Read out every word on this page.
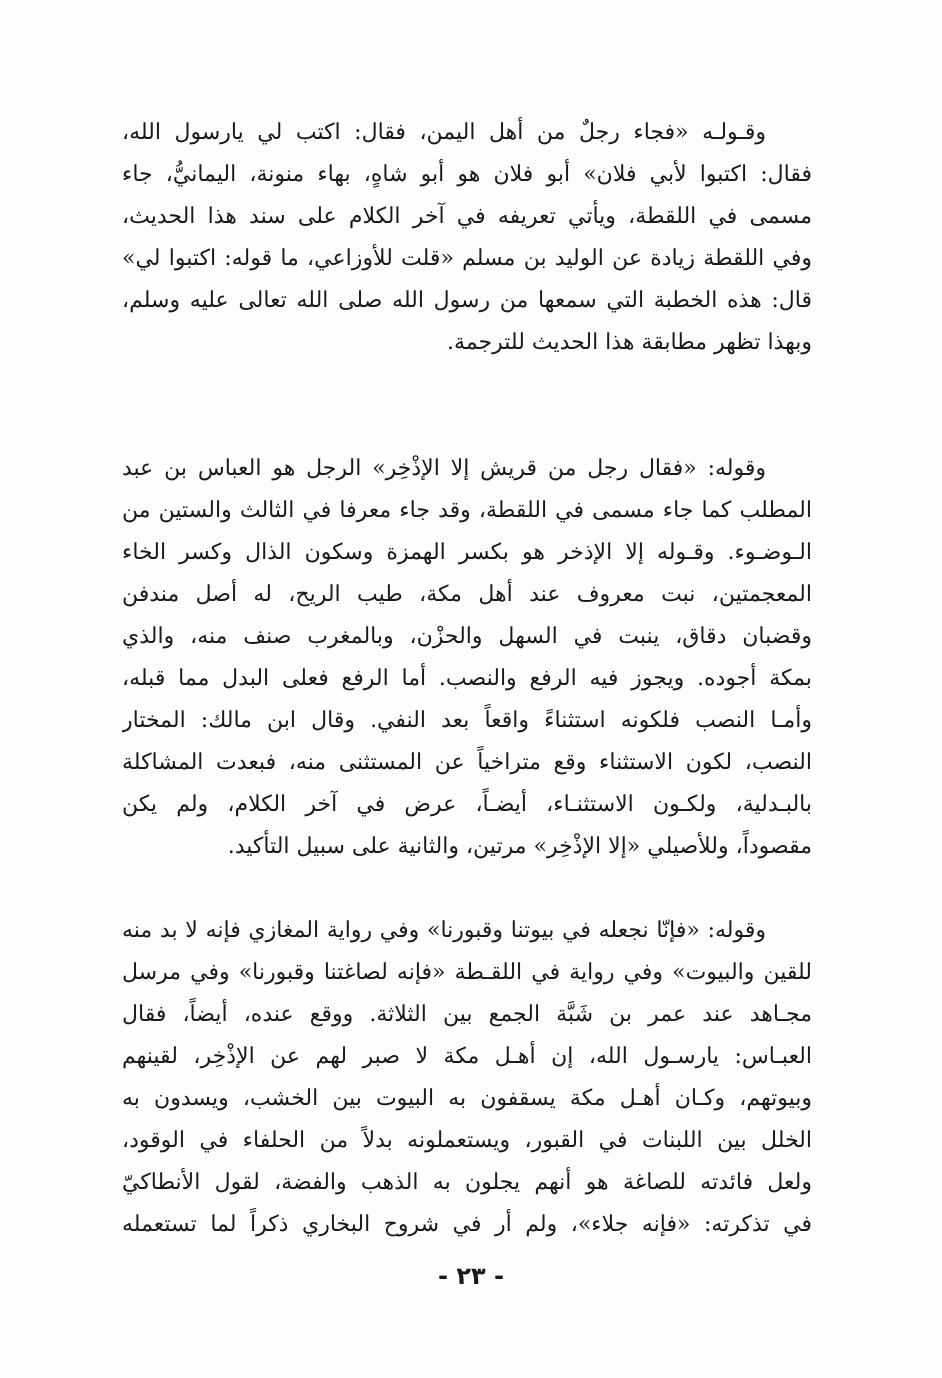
وقـولـه «فجاء رجلٌ من أهل اليمن، فقال: اكتب لي يارسول الله،
فقال: اكتبوا لأبي فلان» أبو فلان هو أبو شاهٍ، بهاء منونة، اليمانيُّ، جاء
مسمى في اللقطة، ويأتي تعريفه في آخر الكلام على سند هذا الحديث،
وفي اللقطة زيادة عن الوليد بن مسلم «قلت للأوزاعي، ما قوله: اكتبوا لي»
قال: هذه الخطبة التي سمعها من رسول الله صلى الله تعالى عليه وسلم،
وبهذا تظهر مطابقة هذا الحديث للترجمة.
وقوله: «فقال رجل من قريش إلا الإذْخِر» الرجل هو العباس بن عبد
المطلب كما جاء مسمى في اللقطة، وقد جاء معرفا في الثالث والستين من
الـوضـوء. وقـوله إلا الإذخر هو بكسر الهمزة وسكون الذال وكسر الخاء
المعجمتين، نبت معروف عند أهل مكة، طيب الريح، له أصل مندفن
وقضبان دقاق، ينبت في السهل والحزْن، وبالمغرب صنف منه، والذي
بمكة أجوده. ويجوز فيه الرفع والنصب. أما الرفع فعلى البدل مما قبله،
وأمـا النصب فلكونه استثناءً واقعاً بعد النفي. وقال ابن مالك: المختار
النصب، لكون الاستثناء وقع متراخياً عن المستثنى منه، فبعدت المشاكلة
بالبـدلية، ولكـون الاستثنـاء، أيضـاً، عرض في آخر الكلام، ولم يكن
مقصوداً، وللأصيلي «إلا الإذْخِر» مرتين، والثانية على سبيل التأكيد.
وقوله: «فإنّا نجعله في بيوتنا وقبورنا» وفي رواية المغازي فإنه لا بد منه
للقين والبيوت» وفي رواية في اللقـطة «فإنه لصاغتنا وقبورنا» وفي مرسل
مجـاهد عند عمر بن شَبَّة الجمع بين الثلاثة. ووقع عنده، أيضاً، فقال
العبـاس: يارسـول الله، إن أهـل مكة لا صبر لهم عن الإذْخِر، لقينهم
وبيوتهم، وكـان أهـل مكة يسقفون به البيوت بين الخشب، ويسدون به
الخلل بين اللبنات في القبور، ويستعملونه بدلاً من الحلفاء في الوقود،
ولعل فائدته للصاغة هو أنهم يجلون به الذهب والفضة، لقول الأنطاكيّ
في تذكرته: «فإنه جلاء»، ولم أر في شروح البخاري ذكراً لما تستعمله
- ٢٣ -
